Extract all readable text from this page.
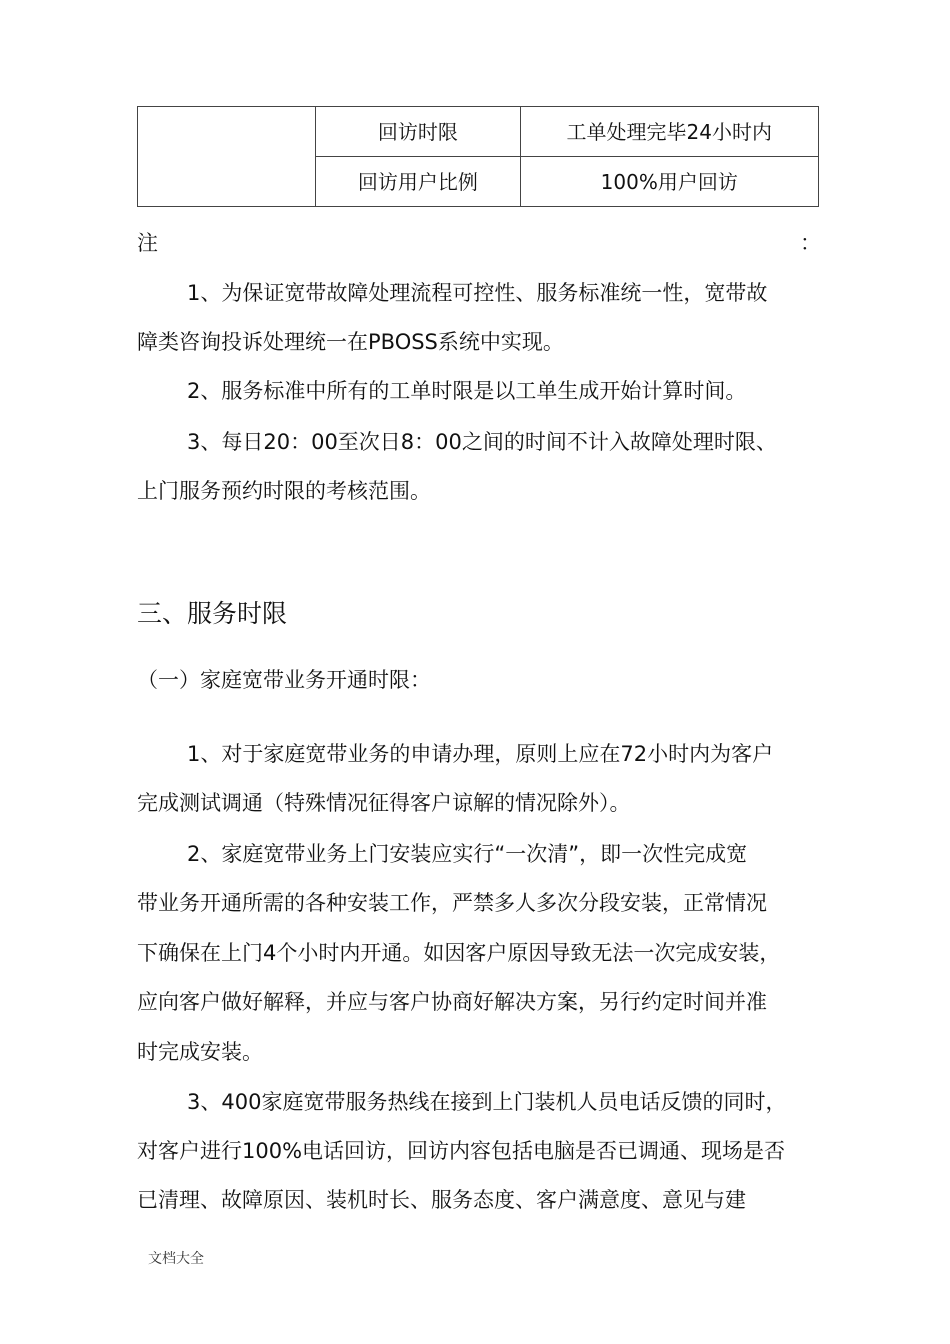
	回访时限	工单处理完毕24小时内
	回访用户比例	100%用户回访
注	：
1、为保证宽带故障处理流程可控性、服务标准统一性，宽带故
障类咨询投诉处理统一在PBOSS系统中实现。
2、服务标准中所有的工单时限是以工单生成开始计算时间。
3、每日20：00至次日8：00之间的时间不计入故障处理时限、
上门服务预约时限的考核范围。
三、服务时限
（一）家庭宽带业务开通时限：
1、对于家庭宽带业务的申请办理，原则上应在72小时内为客户
完成测试调通（特殊情况征得客户谅解的情况除外）。
2、家庭宽带业务上门安装应实行“一次清”，即一次性完成宽
带业务开通所需的各种安装工作，严禁多人多次分段安装，正常情况
下确保在上门4个小时内开通。如因客户原因导致无法一次完成安装，
应向客户做好解释，并应与客户协商好解决方案，另行约定时间并准
时完成安装。
3、400家庭宽带服务热线在接到上门装机人员电话反馈的同时，
对客户进行100%电话回访，回访内容包括电脑是否已调通、现场是否
已清理、故障原因、装机时长、服务态度、客户满意度、意见与建
文档大全
